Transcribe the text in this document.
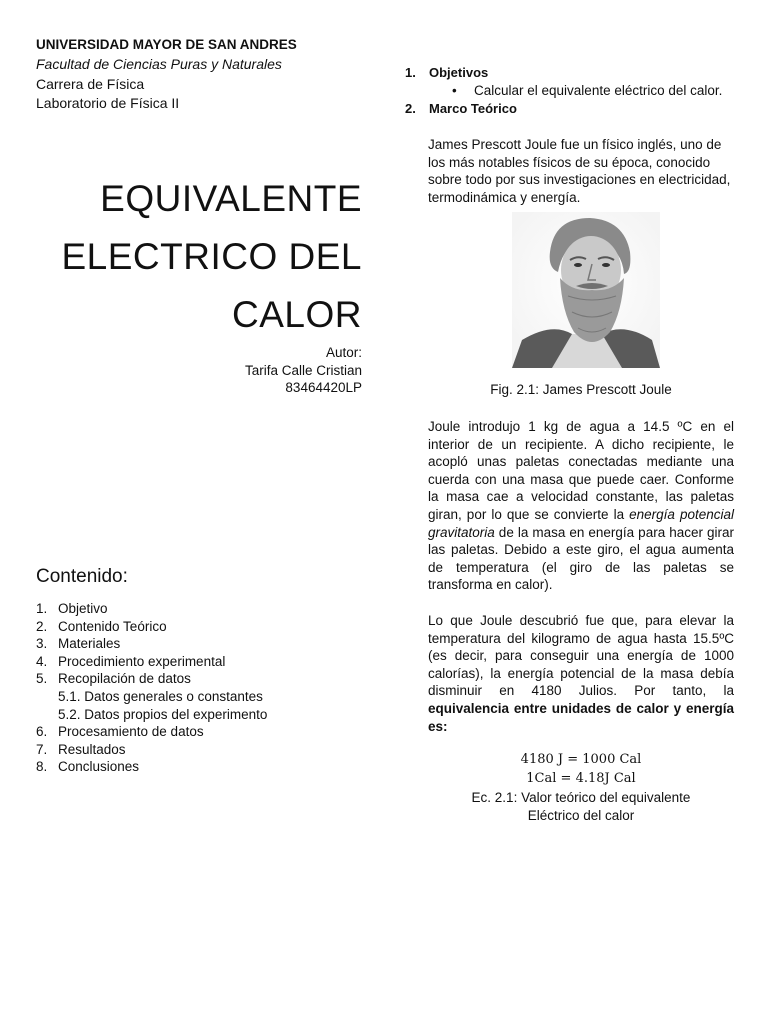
UNIVERSIDAD MAYOR DE SAN ANDRES
Facultad de Ciencias Puras y Naturales
Carrera de Física
Laboratorio de Física II
EQUIVALENTE
ELECTRICO DEL
CALOR
Autor:
Tarifa Calle Cristian
83464420LP
Contenido:
1. Objetivo
2. Contenido Teórico
3. Materiales
4. Procedimiento experimental
5. Recopilación de datos
5.1. Datos generales o constantes
5.2. Datos propios del experimento
6. Procesamiento de datos
7. Resultados
8. Conclusiones
1. Objetivos
• Calcular el equivalente eléctrico del calor.
2. Marco Teórico
James Prescott Joule fue un físico inglés, uno de los más notables físicos de su época, conocido sobre todo por sus investigaciones en electricidad, termodinámica y energía.
Fig. 2.1: James Prescott Joule
Joule introdujo 1 kg de agua a 14.5 ºC en el interior de un recipiente. A dicho recipiente, le acopló unas paletas conectadas mediante una cuerda con una masa que puede caer. Conforme la masa cae a velocidad constante, las paletas giran, por lo que se convierte la energía potencial gravitatoria de la masa en energía para hacer girar las paletas. Debido a este giro, el agua aumenta de temperatura (el giro de las paletas se transforma en calor).
Lo que Joule descubrió fue que, para elevar la temperatura del kilogramo de agua hasta 15.5ºC (es decir, para conseguir una energía de 1000 calorías), la energía potencial de la masa debía disminuir en 4180 Julios. Por tanto, la equivalencia entre unidades de calor y energía es:
4180 J = 1000 Cal
1Cal = 4.18J Cal
Ec. 2.1: Valor teórico del equivalente
Eléctrico del calor
